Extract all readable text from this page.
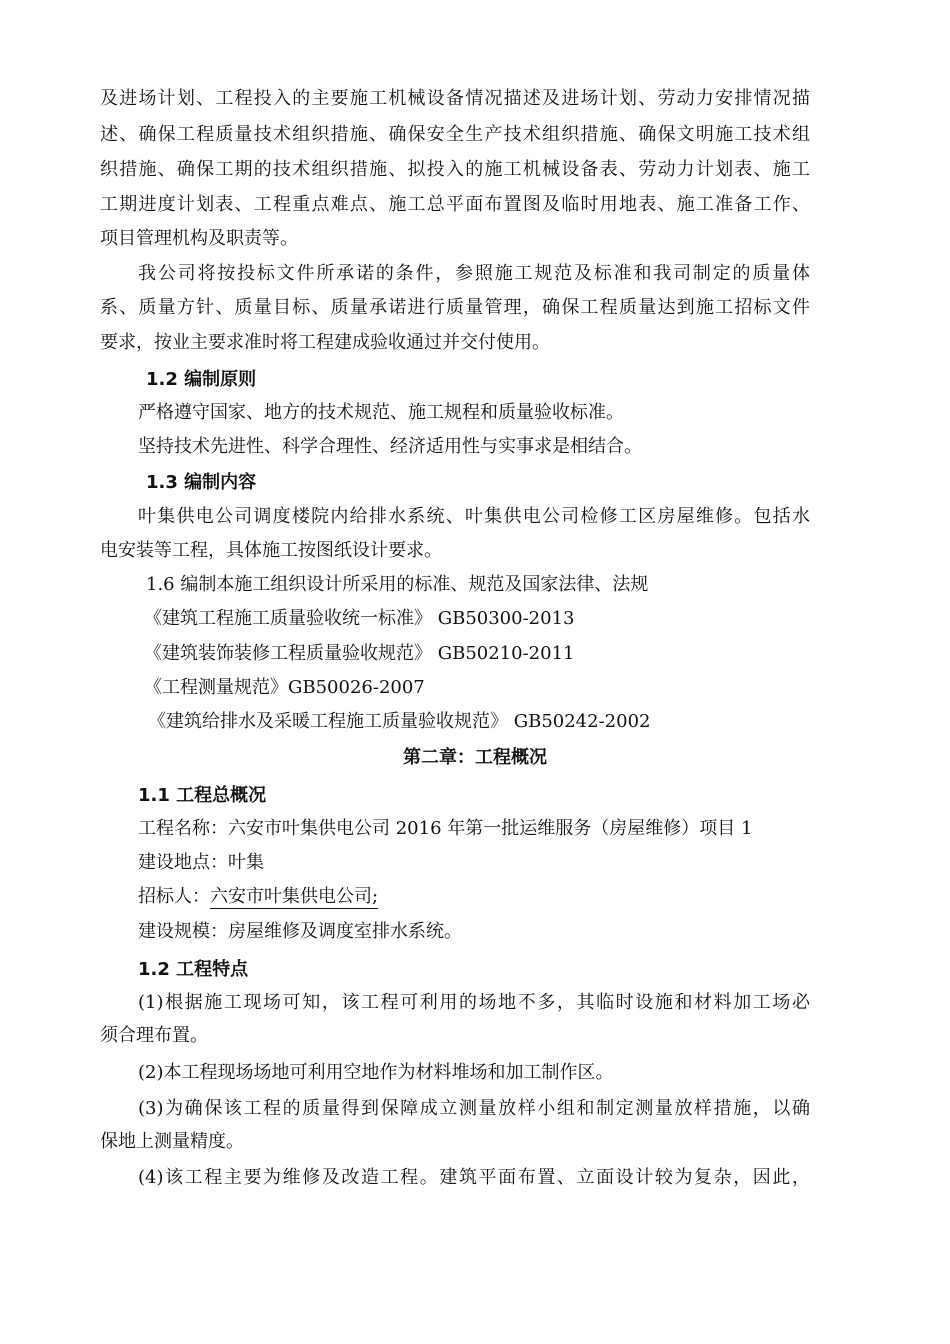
及进场计划、工程投入的主要施工机械设备情况描述及进场计划、劳动力安排情况描
述、确保工程质量技术组织措施、确保安全生产技术组织措施、确保文明施工技术组
织措施、确保工期的技术组织措施、拟投入的施工机械设备表、劳动力计划表、施工
工期进度计划表、工程重点难点、施工总平面布置图及临时用地表、施工准备工作、
项目管理机构及职责等。
我公司将按投标文件所承诺的条件，参照施工规范及标准和我司制定的质量体
系、质量方针、质量目标、质量承诺进行质量管理，确保工程质量达到施工招标文件
要求，按业主要求准时将工程建成验收通过并交付使用。
1.2 编制原则
严格遵守国家、地方的技术规范、施工规程和质量验收标准。
坚持技术先进性、科学合理性、经济适用性与实事求是相结合。
1.3 编制内容
叶集供电公司调度楼院内给排水系统、叶集供电公司检修工区房屋维修。包括水
电安装等工程，具体施工按图纸设计要求。
1.6 编制本施工组织设计所采用的标准、规范及国家法律、法规
《建筑工程施工质量验收统一标准》 GB50300-2013
《建筑装饰装修工程质量验收规范》 GB50210-2011
《工程测量规范》GB50026-2007
《建筑给排水及采暖工程施工质量验收规范》 GB50242-2002
第二章：工程概况
1.1 工程总概况
工程名称：六安市叶集供电公司 2016 年第一批运维服务（房屋维修）项目 1
建设地点：叶集
招标人：六安市叶集供电公司;
建设规模：房屋维修及调度室排水系统。
1.2 工程特点
(1)根据施工现场可知，该工程可利用的场地不多，其临时设施和材料加工场必
须合理布置。
(2)本工程现场场地可利用空地作为材料堆场和加工制作区。
(3)为确保该工程的质量得到保障成立测量放样小组和制定测量放样措施，以确
保地上测量精度。
(4)该工程主要为维修及改造工程。建筑平面布置、立面设计较为复杂，因此，
